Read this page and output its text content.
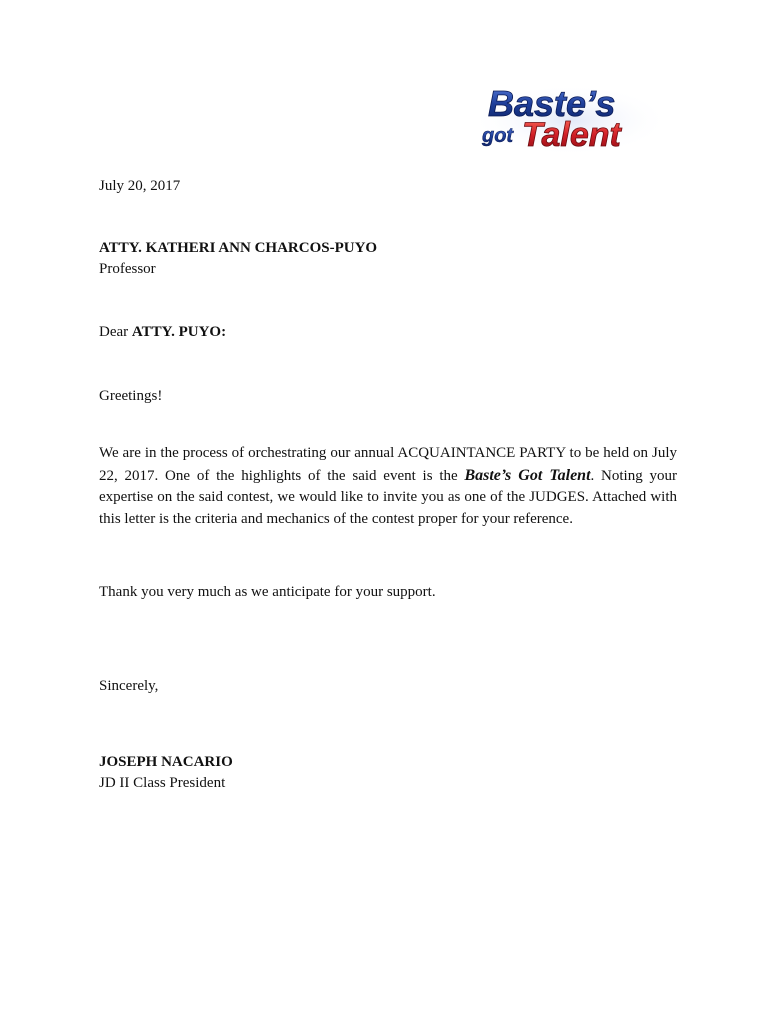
Baste’s
got Talent

July 20, 2017

ATTY. KATHERI ANN CHARCOS-PUYO

Professor

Dear ATTY. PUYO:

Greetings!

We are in the process of orchestrating our annual ACQUAINTANCE PARTY to be held on July 22, 2017. One of the highlights of the said event is the Baste’s Got Talent. Noting your expertise on the said contest, we would like to invite you as one of the JUDGES. Attached with this letter is the criteria and mechanics of the contest proper for your reference.

Thank you very much as we anticipate for your support.

Sincerely,

JOSEPH NACARIO

JD II Class President
